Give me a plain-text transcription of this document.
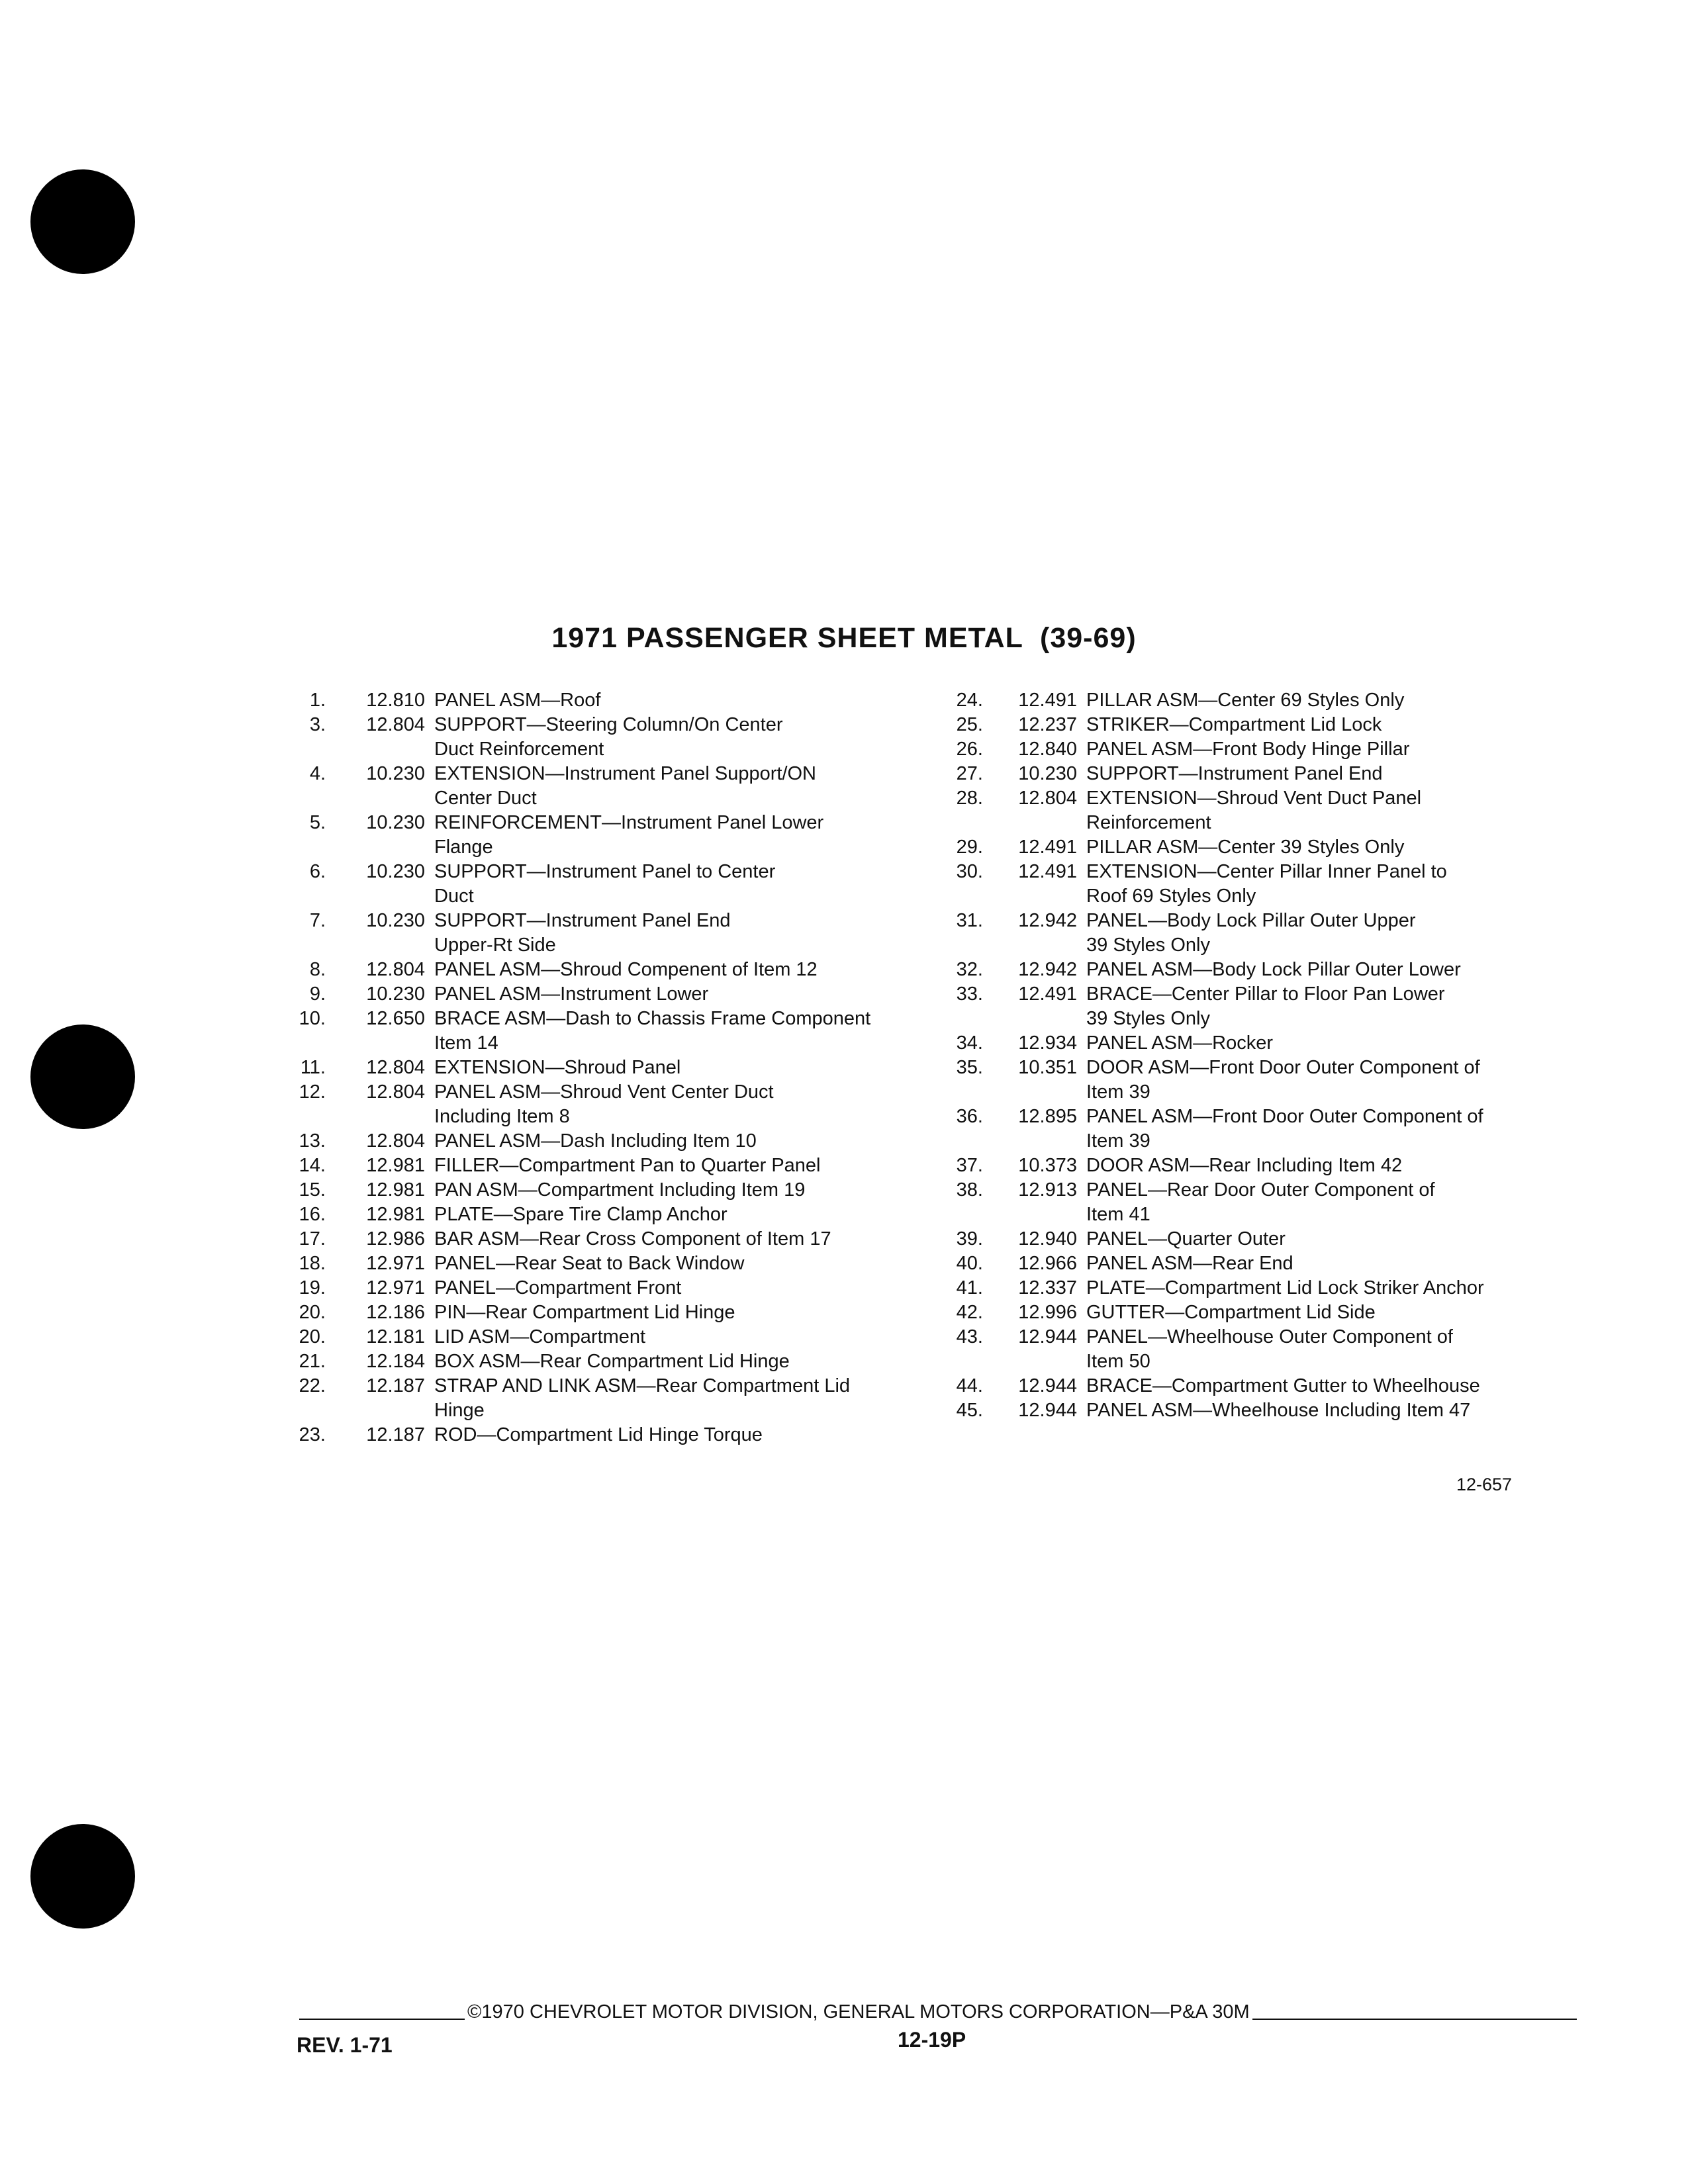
1971 PASSENGER SHEET METAL  (39-69)
1.	12.810 PANEL ASM—Roof
3.	12.804 SUPPORT—Steering Column/On Center
Duct Reinforcement
4.	10.230 EXTENSION—Instrument Panel Support/ON
Center Duct
5.	10.230 REINFORCEMENT—Instrument Panel Lower
Flange
6.	10.230 SUPPORT—Instrument Panel to Center
Duct
7.	10.230 SUPPORT—Instrument Panel End
Upper-Rt Side
8.	12.804 PANEL ASM—Shroud Compenent of Item 12
9.	10.230 PANEL ASM—Instrument Lower
10.	12.650 BRACE ASM—Dash to Chassis Frame Component
Item 14
11.	12.804 EXTENSION—Shroud Panel
12.	12.804 PANEL ASM—Shroud Vent Center Duct
Including Item 8
13.	12.804 PANEL ASM—Dash Including Item 10
14.	12.981 FILLER—Compartment Pan to Quarter Panel
15.	12.981 PAN ASM—Compartment Including Item 19
16.	12.981 PLATE—Spare Tire Clamp Anchor
17.	12.986 BAR ASM—Rear Cross Component of Item 17
18.	12.971 PANEL—Rear Seat to Back Window
19.	12.971 PANEL—Compartment Front
20.	12.186 PIN—Rear Compartment Lid Hinge
20.	12.181 LID ASM—Compartment
21.	12.184 BOX ASM—Rear Compartment Lid Hinge
22.	12.187 STRAP AND LINK ASM—Rear Compartment Lid
Hinge
23.	12.187 ROD—Compartment Lid Hinge Torque
24.	12.491 PILLAR ASM—Center 69 Styles Only
25.	12.237 STRIKER—Compartment Lid Lock
26.	12.840 PANEL ASM—Front Body Hinge Pillar
27.	10.230 SUPPORT—Instrument Panel End
28.	12.804 EXTENSION—Shroud Vent Duct Panel
Reinforcement
29.	12.491 PILLAR ASM—Center 39 Styles Only
30.	12.491 EXTENSION—Center Pillar Inner Panel to
Roof 69 Styles Only
31.	12.942 PANEL—Body Lock Pillar Outer Upper
39 Styles Only
32.	12.942 PANEL ASM—Body Lock Pillar Outer Lower
33.	12.491 BRACE—Center Pillar to Floor Pan Lower
39 Styles Only
34.	12.934 PANEL ASM—Rocker
35.	10.351 DOOR ASM—Front Door Outer Component of
Item 39
36.	12.895 PANEL ASM—Front Door Outer Component of
Item 39
37.	10.373 DOOR ASM—Rear Including Item 42
38.	12.913 PANEL—Rear Door Outer Component of
Item 41
39.	12.940 PANEL—Quarter Outer
40.	12.966 PANEL ASM—Rear End
41.	12.337 PLATE—Compartment Lid Lock Striker Anchor
42.	12.996 GUTTER—Compartment Lid Side
43.	12.944 PANEL—Wheelhouse Outer Component of
Item 50
44.	12.944 BRACE—Compartment Gutter to Wheelhouse
45.	12.944 PANEL ASM—Wheelhouse Including Item 47
12-657
©1970 CHEVROLET MOTOR DIVISION, GENERAL MOTORS CORPORATION—P&A 30M
REV. 1-71	12-19P
